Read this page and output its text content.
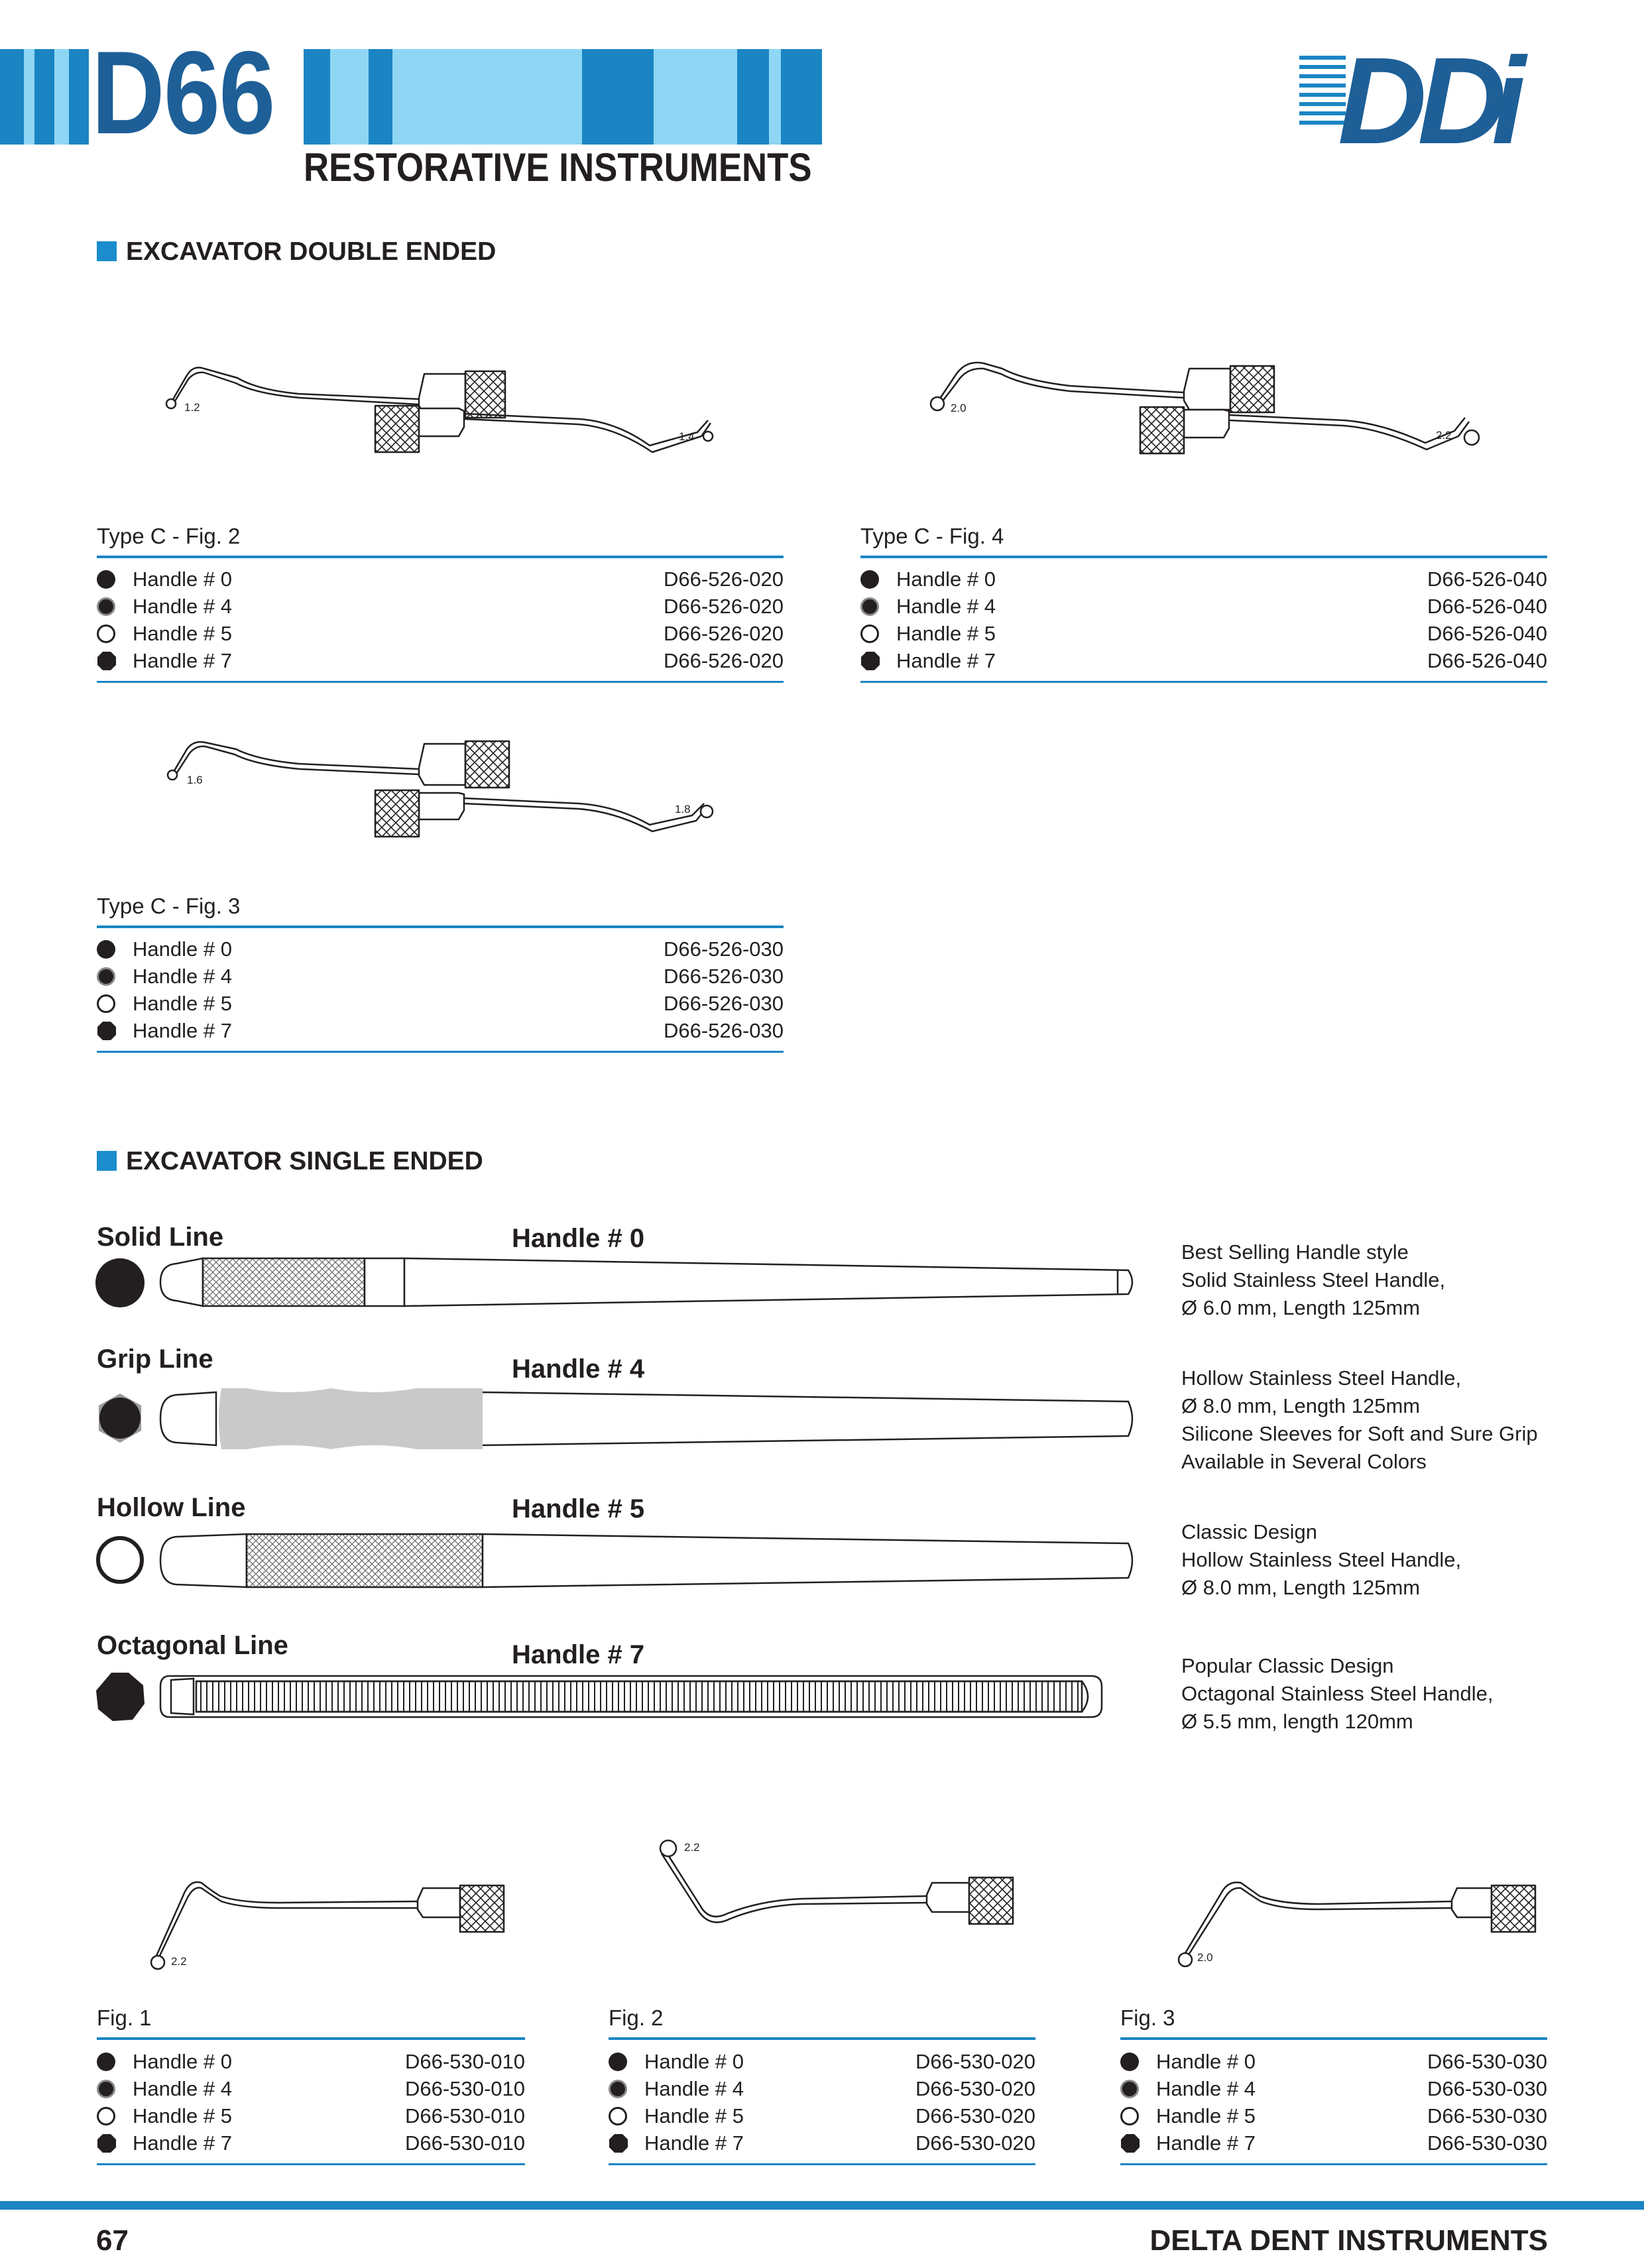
D66
RESTORATIVE INSTRUMENTS	DD
i
EXCAVATOR DOUBLE ENDED
1.2
1.4
2.0
2.2
1.6
1.8
Type C - Fig. 2
Handle # 0	D66-526-020
Handle # 4	D66-526-020
Handle # 5	D66-526-020
Handle # 7	D66-526-020
Type C - Fig. 4
Handle # 0	D66-526-040
Handle # 4	D66-526-040
Handle # 5	D66-526-040
Handle # 7	D66-526-040
Type C - Fig. 3
Handle # 0	D66-526-030
Handle # 4	D66-526-030
Handle # 5	D66-526-030
Handle # 7	D66-526-030
EXCAVATOR SINGLE ENDED
Solid Line	Handle # 0	Best Selling Handle style
Solid Stainless Steel Handle,
Ø 6.0 mm, Length 125mm
Grip Line	Handle # 4	Hollow Stainless Steel Handle,
Ø 8.0 mm, Length 125mm
Silicone Sleeves for Soft and Sure Grip
Available in Several Colors
Hollow Line	Handle # 5
Classic Design
Hollow Stainless Steel Handle,
Ø 8.0 mm, Length 125mm
Octagonal Line	Handle # 7	Popular Classic Design
Octagonal Stainless Steel Handle,
Ø 5.5 mm, length 120mm
2.2
2.2
2.0
Fig. 1
Handle # 0	D66-530-010
Handle # 4	D66-530-010
Handle # 5	D66-530-010
Handle # 7	D66-530-010
Fig. 2
Handle # 0	D66-530-020
Handle # 4	D66-530-020
Handle # 5	D66-530-020
Handle # 7	D66-530-020
Fig. 3
Handle # 0	D66-530-030
Handle # 4	D66-530-030
Handle # 5	D66-530-030
Handle # 7	D66-530-030
67	DELTA DENT INSTRUMENTS
